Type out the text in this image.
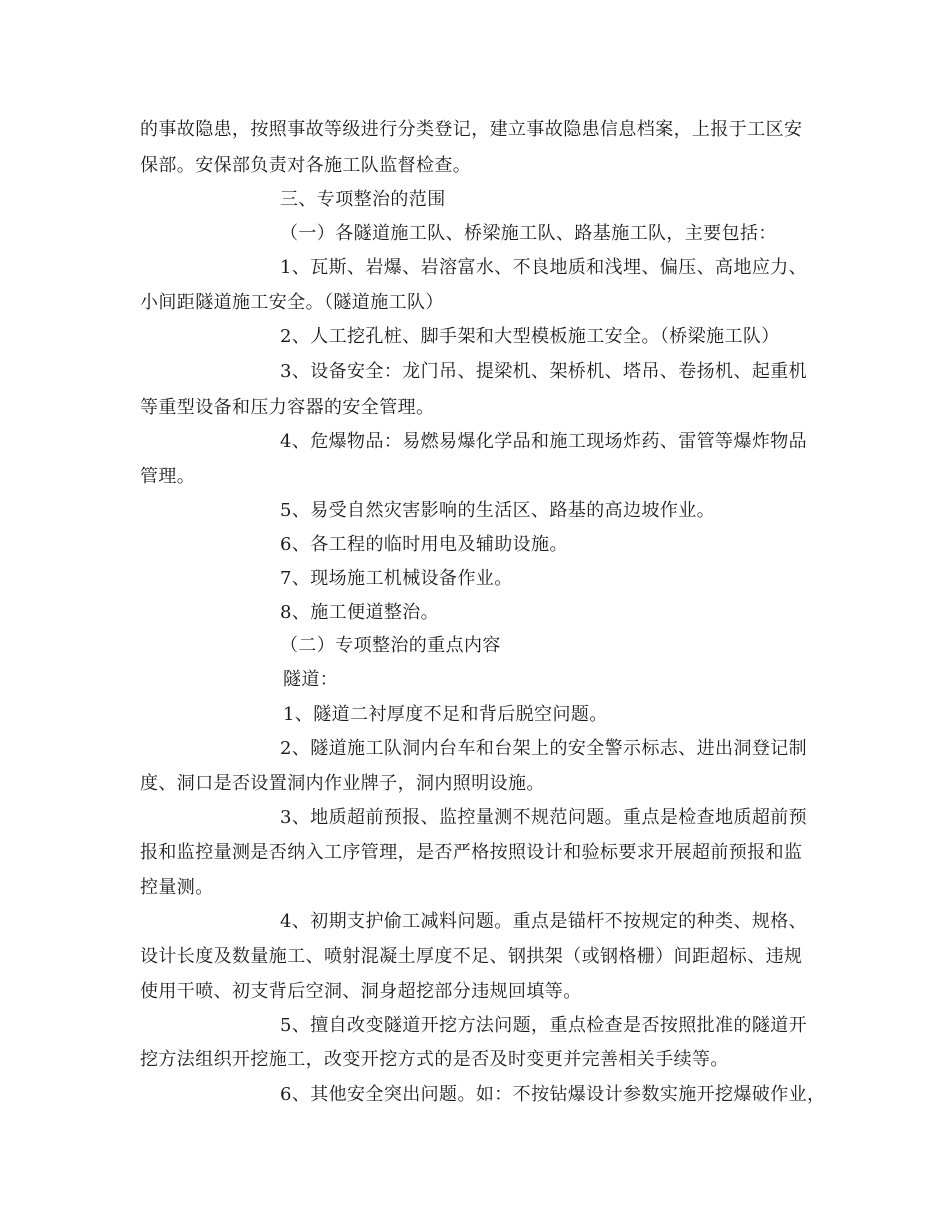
的事故隐患，按照事故等级进行分类登记，建立事故隐患信息档案，上报于工区安
保部。安保部负责对各施工队监督检查。
三、专项整治的范围
（一）各隧道施工队、桥梁施工队、路基施工队，主要包括：
1、瓦斯、岩爆、岩溶富水、不良地质和浅埋、偏压、高地应力、
小间距隧道施工安全。（隧道施工队）
2、人工挖孔桩、脚手架和大型模板施工安全。（桥梁施工队）
3、设备安全：龙门吊、提梁机、架桥机、塔吊、卷扬机、起重机
等重型设备和压力容器的安全管理。
4、危爆物品：易燃易爆化学品和施工现场炸药、雷管等爆炸物品
管理。
5、易受自然灾害影响的生活区、路基的高边坡作业。
6、各工程的临时用电及辅助设施。
7、现场施工机械设备作业。
8、施工便道整治。
（二）专项整治的重点内容
隧道：
1、隧道二衬厚度不足和背后脱空问题。
2、隧道施工队洞内台车和台架上的安全警示标志、进出洞登记制
度、洞口是否设置洞内作业牌子，洞内照明设施。
3、地质超前预报、监控量测不规范问题。重点是检查地质超前预
报和监控量测是否纳入工序管理，是否严格按照设计和验标要求开展超前预报和监
控量测。
4、初期支护偷工减料问题。重点是锚杆不按规定的种类、规格、
设计长度及数量施工、喷射混凝土厚度不足、钢拱架（或钢格栅）间距超标、违规
使用干喷、初支背后空洞、洞身超挖部分违规回填等。
5、擅自改变隧道开挖方法问题，重点检查是否按照批准的隧道开
挖方法组织开挖施工，改变开挖方式的是否及时变更并完善相关手续等。
6、其他安全突出问题。如：不按钻爆设计参数实施开挖爆破作业，
